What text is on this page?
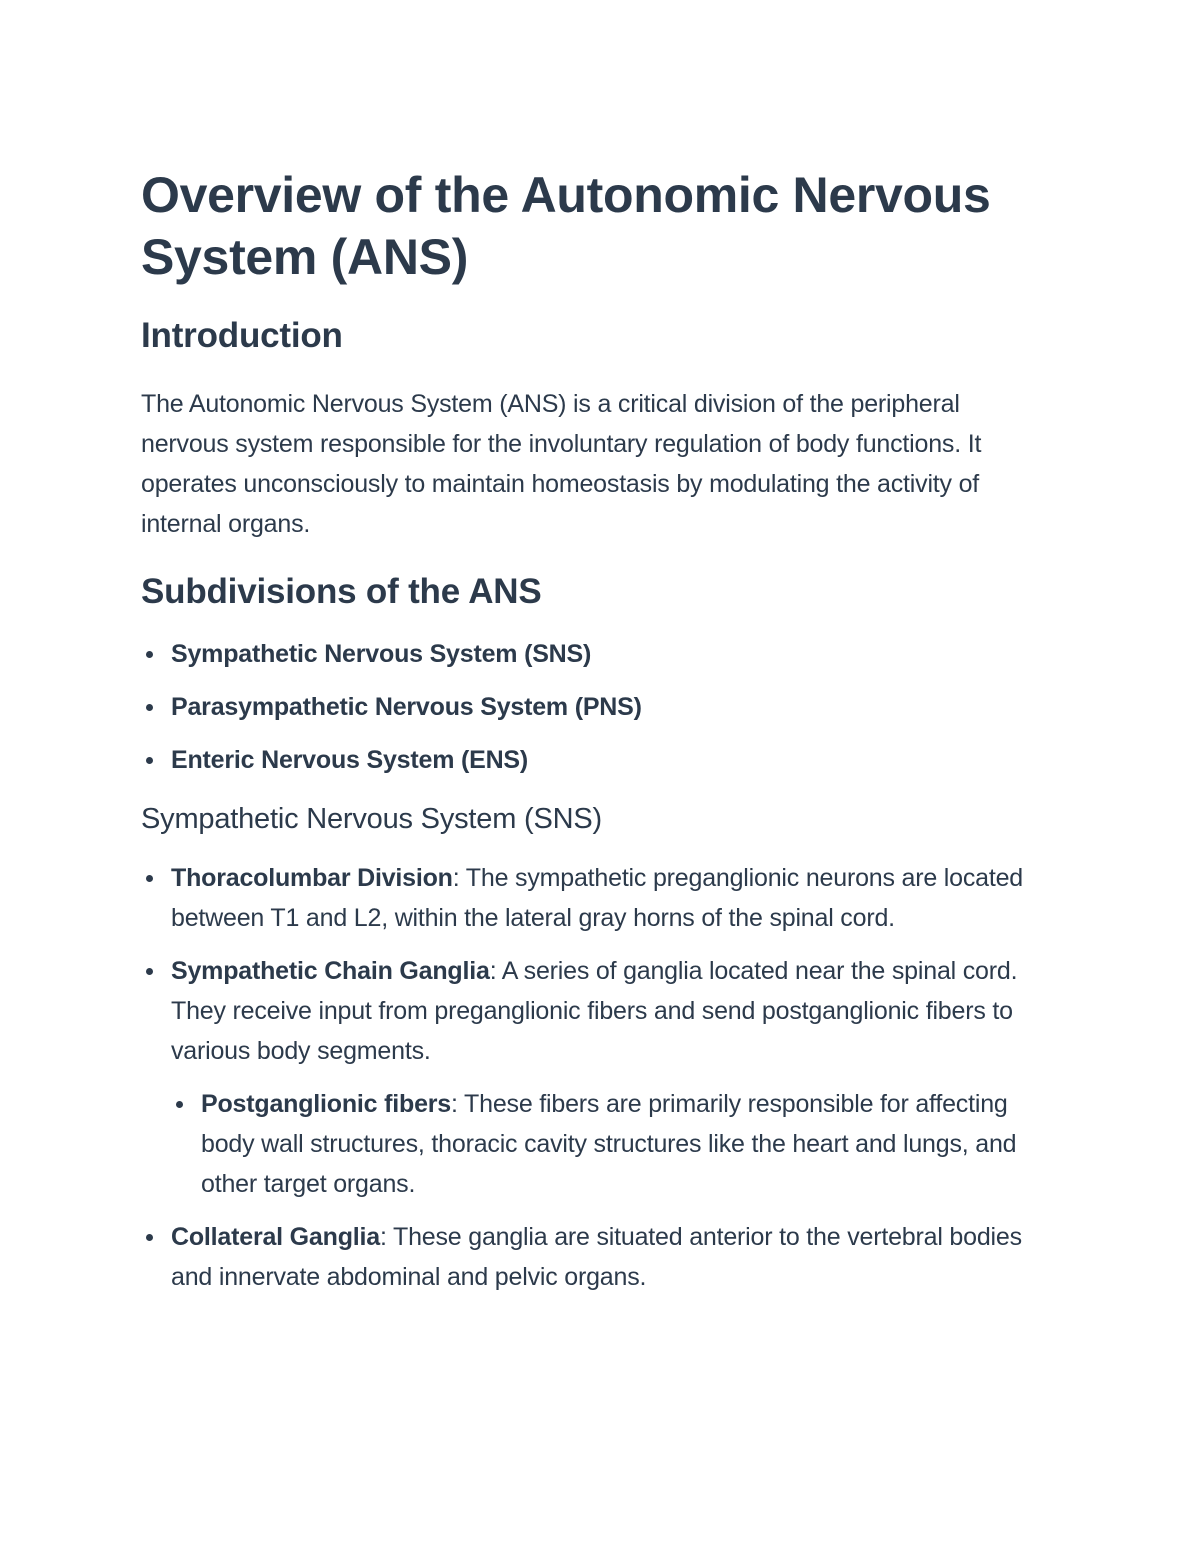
Overview of the Autonomic Nervous System (ANS)
Introduction

The Autonomic Nervous System (ANS) is a critical division of the peripheral nervous system responsible for the involuntary regulation of body functions. It operates unconsciously to maintain homeostasis by modulating the activity of internal organs.

Subdivisions of the ANS
Sympathetic Nervous System (SNS)
Parasympathetic Nervous System (PNS)
Enteric Nervous System (ENS)
Sympathetic Nervous System (SNS)
Thoracolumbar Division: The sympathetic preganglionic neurons are located between T1 and L2, within the lateral gray horns of the spinal cord.
Sympathetic Chain Ganglia: A series of ganglia located near the spinal cord. They receive input from preganglionic fibers and send postganglionic fibers to various body segments.
Postganglionic fibers: These fibers are primarily responsible for affecting body wall structures, thoracic cavity structures like the heart and lungs, and other target organs.
Collateral Ganglia: These ganglia are situated anterior to the vertebral bodies and innervate abdominal and pelvic organs.
